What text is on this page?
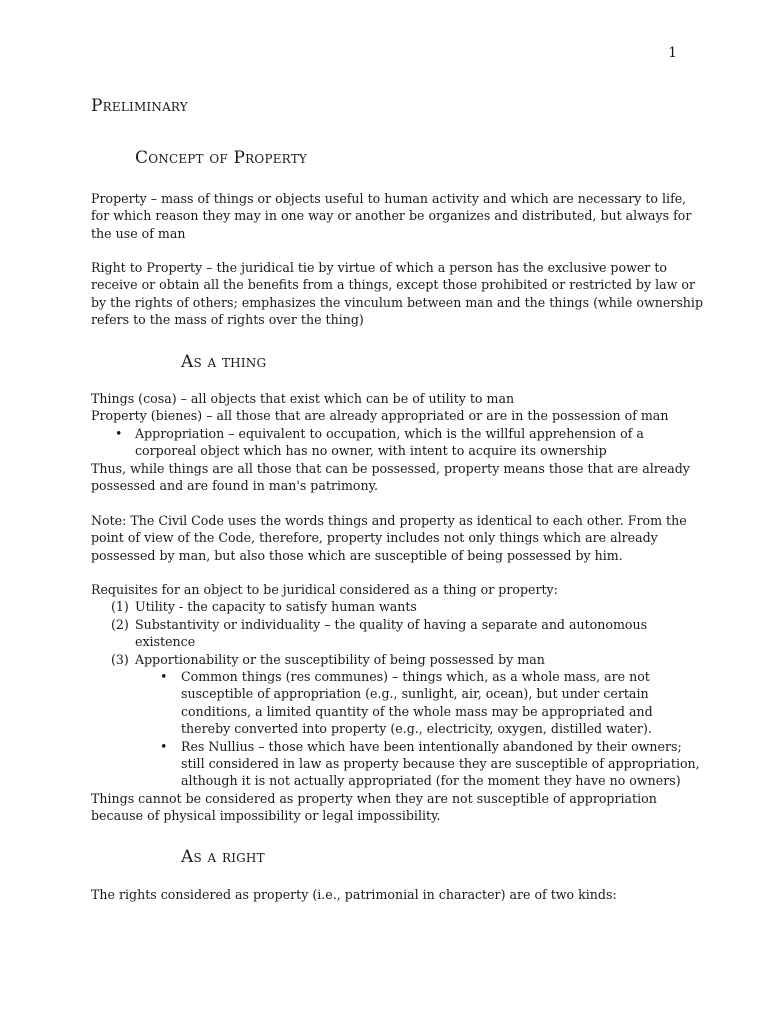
1
Preliminary
Concept of Property
Property – mass of things or objects useful to human activity and which are necessary to life,
for which reason they may in one way or another be organizes and distributed, but always for
the use of man
Right to Property – the juridical tie by virtue of which a person has the exclusive power to
receive or obtain all the benefits from a things, except those prohibited or restricted by law or
by the rights of others; emphasizes the vinculum between man and the things (while ownership
refers to the mass of rights over the thing)
As a thing
Things (cosa) – all objects that exist which can be of utility to man
Property (bienes) – all those that are already appropriated or are in the possession of man
• Appropriation – equivalent to occupation, which is the willful apprehension of a
corporeal object which has no owner, with intent to acquire its ownership
Thus, while things are all those that can be possessed, property means those that are already
possessed and are found in man's patrimony.
Note: The Civil Code uses the words things and property as identical to each other. From the
point of view of the Code, therefore, property includes not only things which are already
possessed by man, but also those which are susceptible of being possessed by him.
Requisites for an object to be juridical considered as a thing or property:
(1) Utility - the capacity to satisfy human wants
(2) Substantivity or individuality – the quality of having a separate and autonomous
existence
(3) Apportionability or the susceptibility of being possessed by man
• Common things (res communes) – things which, as a whole mass, are not
susceptible of appropriation (e.g., sunlight, air, ocean), but under certain
conditions, a limited quantity of the whole mass may be appropriated and
thereby converted into property (e.g., electricity, oxygen, distilled water).
• Res Nullius – those which have been intentionally abandoned by their owners;
still considered in law as property because they are susceptible of appropriation,
although it is not actually appropriated (for the moment they have no owners)
Things cannot be considered as property when they are not susceptible of appropriation
because of physical impossibility or legal impossibility.
As a right
The rights considered as property (i.e., patrimonial in character) are of two kinds:
